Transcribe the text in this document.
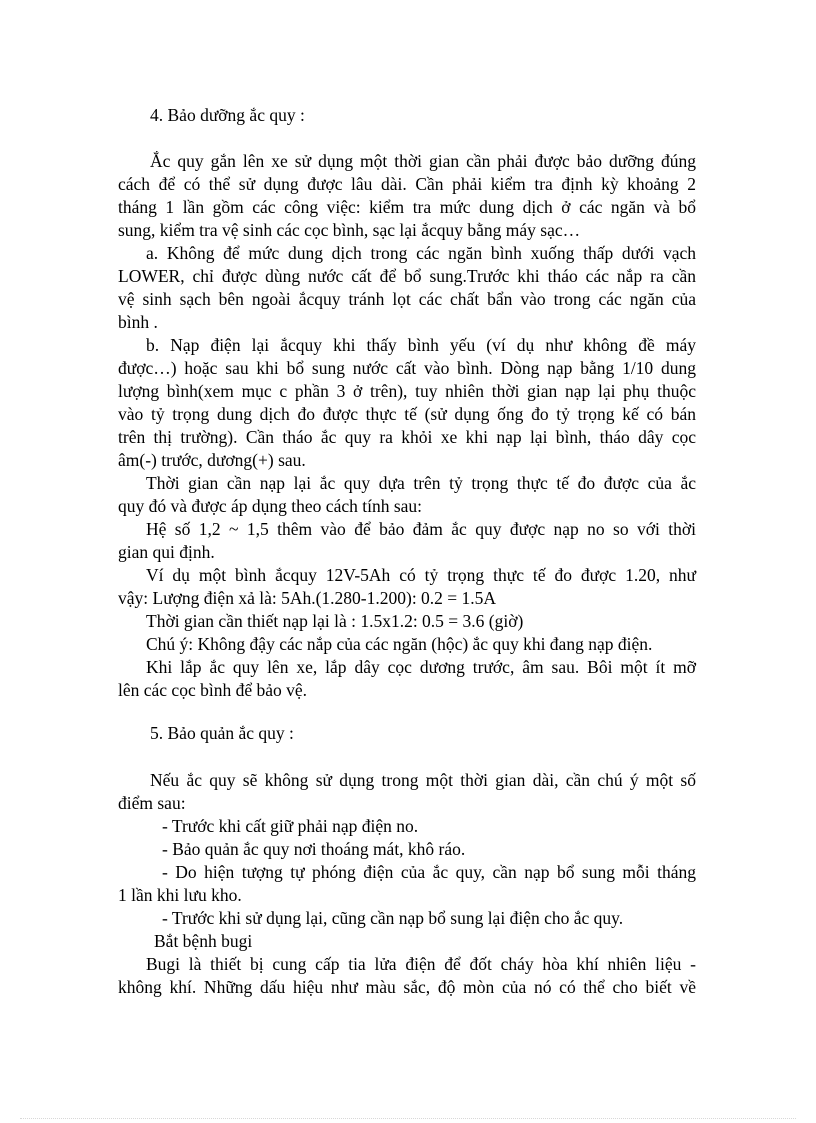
4. Bảo dưỡng ắc quy :

Ắc quy gắn lên xe sử dụng một thời gian cần phải được bảo dưỡng đúng

cách để có thể sử dụng được lâu dài. Cần phải kiểm tra định kỳ khoảng 2

tháng 1 lần gồm các công việc: kiểm tra mức dung dịch ở các ngăn và bổ

sung, kiểm tra vệ sinh các cọc bình, sạc lại ắcquy bằng máy sạc…

a. Không để mức dung dịch trong các ngăn bình xuống thấp dưới vạch

LOWER, chỉ được dùng nước cất để bổ sung.Trước khi tháo các nắp ra cần

vệ sinh sạch bên ngoài ắcquy tránh lọt các chất bẩn vào trong các ngăn của

bình .

b. Nạp điện lại ắcquy khi thấy bình yếu (ví dụ như không đề máy

được…) hoặc sau khi bổ sung nước cất vào bình. Dòng nạp bằng 1/10 dung

lượng bình(xem mục c phần 3 ở trên), tuy nhiên thời gian nạp lại phụ thuộc

vào tỷ trọng dung dịch đo được thực tế (sử dụng ống đo tỷ trọng kế có bán

trên thị trường). Cần tháo ắc quy ra khỏi xe khi nạp lại bình, tháo dây cọc

âm(-) trước, dương(+) sau.

Thời gian cần nạp lại ắc quy dựa trên tỷ trọng thực tế đo được của ắc

quy đó và được áp dụng theo cách tính sau:

Hệ số 1,2 ~ 1,5 thêm vào để bảo đảm ắc quy được nạp no so với thời

gian qui định.

Ví dụ một bình ắcquy 12V-5Ah có tỷ trọng thực tế đo được 1.20, như

vậy: Lượng điện xả là: 5Ah.(1.280-1.200): 0.2 = 1.5A

Thời gian cần thiết nạp lại là : 1.5x1.2: 0.5 = 3.6 (giờ)

Chú ý: Không đậy các nắp của các ngăn (hộc) ắc quy khi đang nạp điện.

Khi lắp ắc quy lên xe, lắp dây cọc dương trước, âm sau. Bôi một ít mỡ

lên các cọc bình để bảo vệ.

5. Bảo quản ắc quy :

Nếu ắc quy sẽ không sử dụng trong một thời gian dài, cần chú ý một số

điểm sau:

- Trước khi cất giữ phải nạp điện no.

- Bảo quản ắc quy nơi thoáng mát, khô ráo.

- Do hiện tượng tự phóng điện của ắc quy, cần nạp bổ sung mỗi tháng

1 lần khi lưu kho.

- Trước khi sử dụng lại, cũng cần nạp bổ sung lại điện cho ắc quy.

Bắt bệnh bugi

Bugi là thiết bị cung cấp tia lửa điện để đốt cháy hòa khí nhiên liệu -

không khí. Những dấu hiệu như màu sắc, độ mòn của nó có thể cho biết về
